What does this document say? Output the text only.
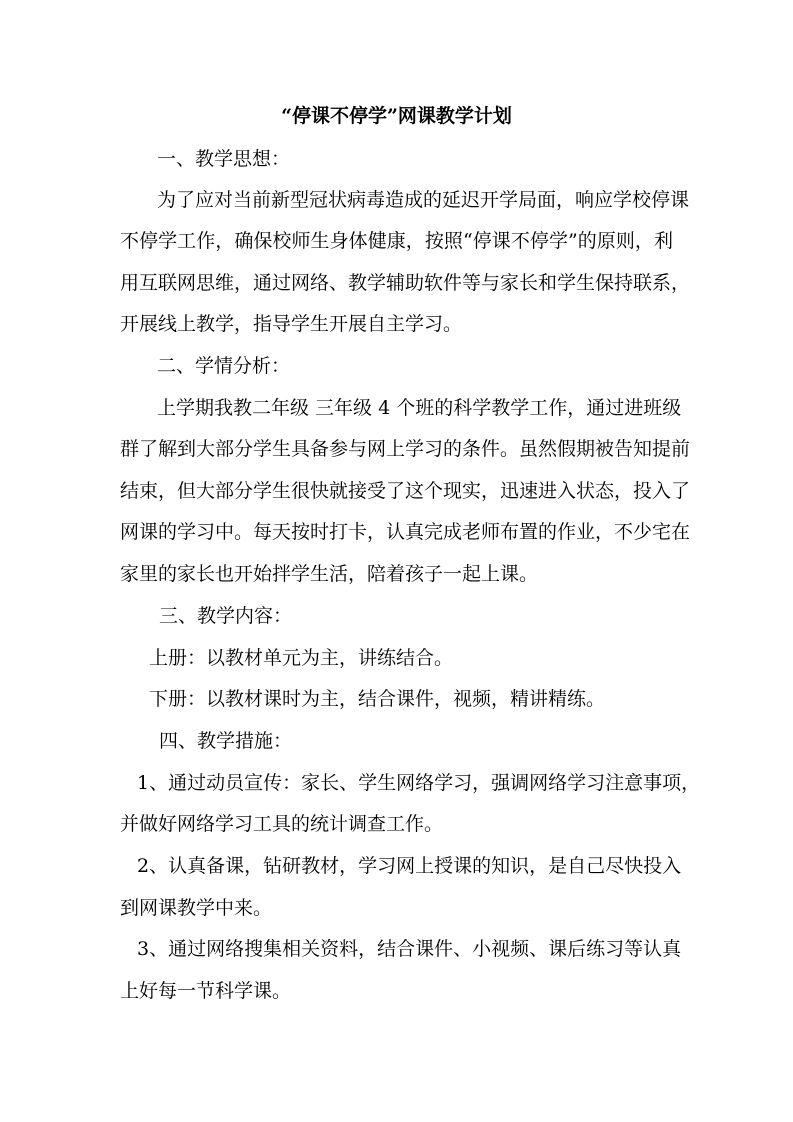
“停课不停学”网课教学计划

一、教学思想：

为了应对当前新型冠状病毒造成的延迟开学局面，响应学校停课

不停学工作，确保校师生身体健康，按照“停课不停学”的原则，利

用互联网思维，通过网络、教学辅助软件等与家长和学生保持联系，

开展线上教学，指导学生开展自主学习。

二、学情分析：

上学期我教二年级 三年级 4 个班的科学教学工作，通过进班级

群了解到大部分学生具备参与网上学习的条件。虽然假期被告知提前

结束，但大部分学生很快就接受了这个现实，迅速进入状态，投入了

网课的学习中。每天按时打卡，认真完成老师布置的作业，不少宅在

家里的家长也开始拌学生活，陪着孩子一起上课。

三、教学内容：

上册：以教材单元为主，讲练结合。

下册：以教材课时为主，结合课件，视频，精讲精练。

四、教学措施：

1、通过动员宣传：家长、学生网络学习，强调网络学习注意事项，

并做好网络学习工具的统计调查工作。

2、认真备课，钻研教材，学习网上授课的知识，是自己尽快投入

到网课教学中来。

3、通过网络搜集相关资料，结合课件、小视频、课后练习等认真

上好每一节科学课。
